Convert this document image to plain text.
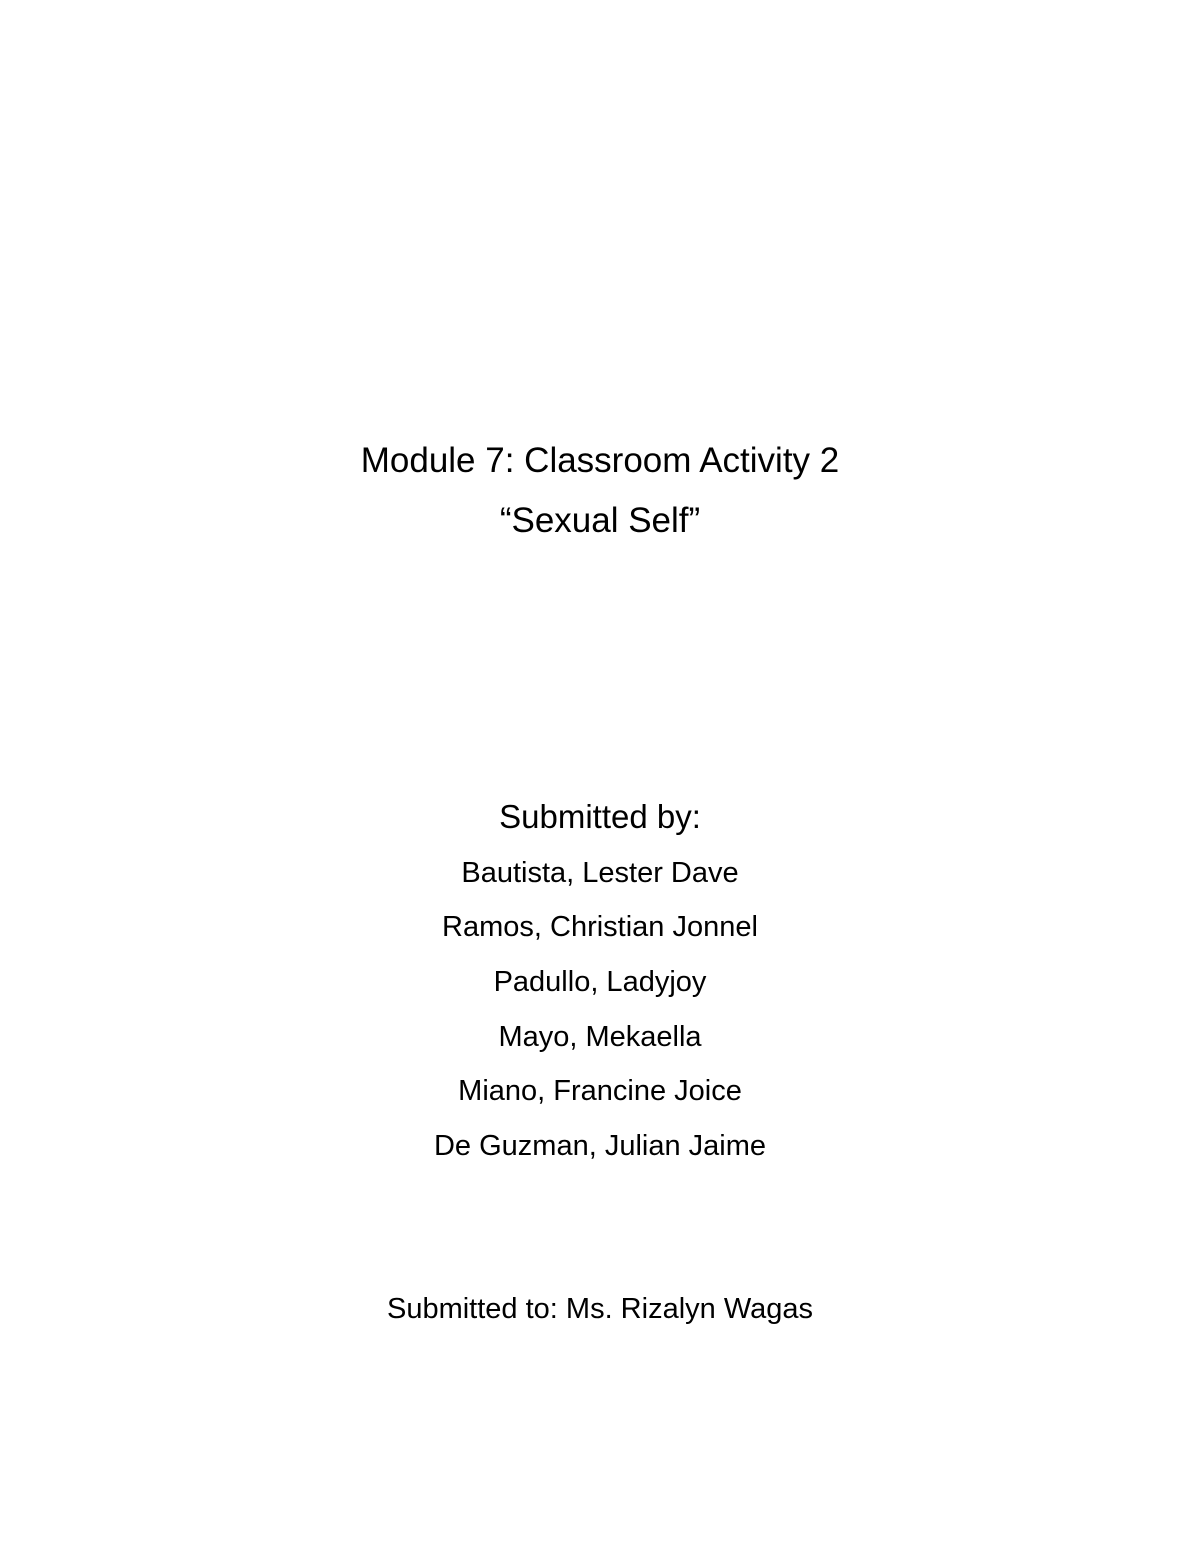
Module 7: Classroom Activity 2
“Sexual Self”
Submitted by:
Bautista, Lester Dave
Ramos, Christian Jonnel
Padullo, Ladyjoy
Mayo, Mekaella
Miano, Francine Joice
De Guzman, Julian Jaime
Submitted to: Ms. Rizalyn Wagas
